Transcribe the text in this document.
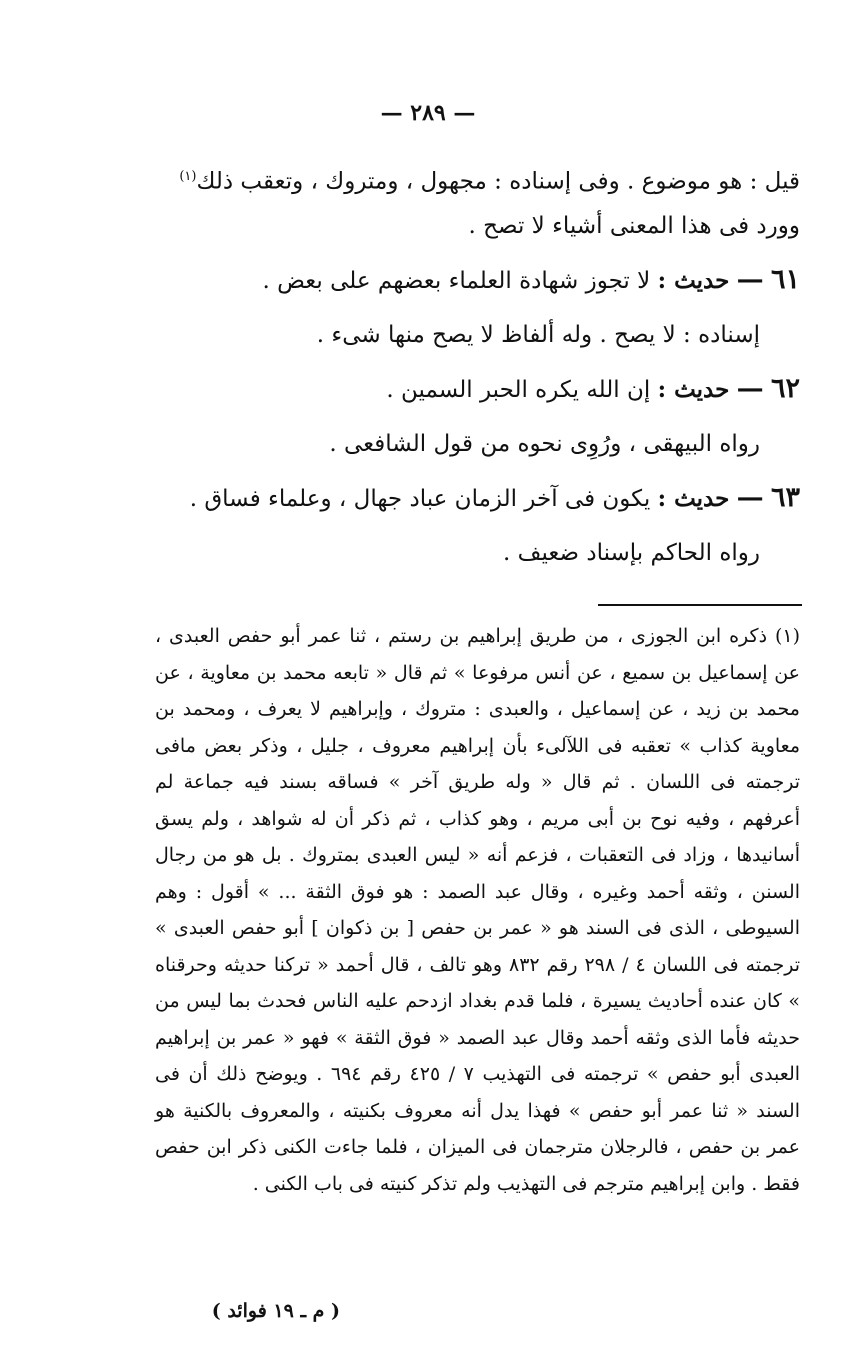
— ٢٨٩ —

قيل : هو موضوع . وفى إسناده : مجهول ، ومتروك ، وتعقب ذلك$^{(١)}$

وورد فى هذا المعنى أشياء لا تصح .

٦١ — حديث : لا تجوز شهادة العلماء بعضهم على بعض .

إسناده : لا يصح . وله ألفاظ لا يصح منها شىء .

٦٢ — حديث : إن الله يكره الحبر السمين .

رواه البيهقى ، ورُوِى نحوه من قول الشافعى .

٦٣ — حديث : يكون فى آخر الزمان عباد جهال ، وعلماء فساق .

رواه الحاكم بإسناد ضعيف .

(١) ذكره ابن الجوزى ، من طريق إبراهيم بن رستم ، ثنا عمر أبو حفص العبدى ، عن إسماعيل بن سميع ، عن أنس مرفوعا » ثم قال « تابعه محمد بن معاوية ، عن محمد بن زيد ، عن إسماعيل ، والعبدى : متروك ، وإبراهيم لا يعرف ، ومحمد بن معاوية كذاب » تعقبه فى اللآلىء بأن إبراهيم معروف ، جليل ، وذكر بعض مافى ترجمته فى اللسان . ثم قال « وله طريق آخر » فساقه بسند فيه جماعة لم أعرفهم ، وفيه نوح بن أبى مريم ، وهو كذاب ، ثم ذكر أن له شواهد ، ولم يسق أسانيدها ، وزاد فى التعقبات ، فزعم أنه « ليس العبدى بمتروك . بل هو من رجال السنن ، وثقه أحمد وغيره ، وقال عبد الصمد : هو فوق الثقة ... » أقول : وهم السيوطى ، الذى فى السند هو « عمر بن حفص [ بن ذكوان ] أبو حفص العبدى » ترجمته فى اللسان ٤ / ٢٩٨ رقم ٨٣٢ وهو تالف ، قال أحمد « تركنا حديثه وحرقناه » كان عنده أحاديث يسيرة ، فلما قدم بغداد ازدحم عليه الناس فحدث بما ليس من حديثه فأما الذى وثقه أحمد وقال عبد الصمد « فوق الثقة » فهو « عمر بن إبراهيم العبدى أبو حفص » ترجمته فى التهذيب ٧ / ٤٢٥ رقم ٦٩٤ . ويوضح ذلك أن فى السند « ثنا عمر أبو حفص » فهذا يدل أنه معروف بكنيته ، والمعروف بالكنية هو عمر بن حفص ، فالرجلان مترجمان فى الميزان ، فلما جاءت الكنى ذكر ابن حفص فقط . وابن إبراهيم مترجم فى التهذيب ولم تذكر كنيته فى باب الكنى .

( م ـ ١٩ فوائد )
